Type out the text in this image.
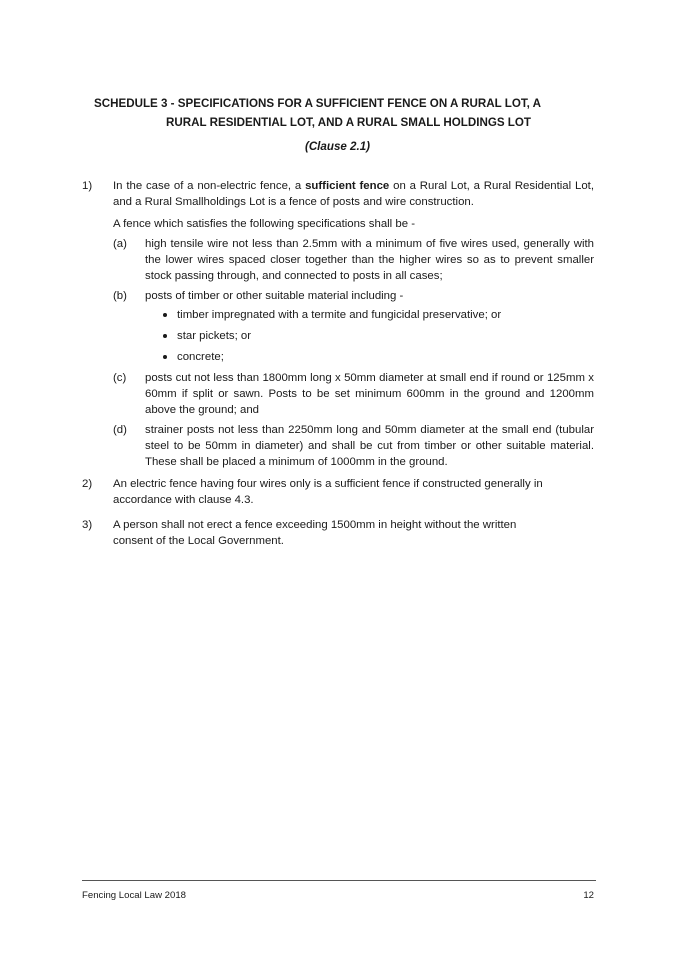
SCHEDULE 3 - SPECIFICATIONS FOR A SUFFICIENT FENCE ON A RURAL LOT, A
RURAL RESIDENTIAL LOT, AND A RURAL SMALL HOLDINGS LOT
(Clause 2.1)
1) In the case of a non-electric fence, a sufficient fence on a Rural Lot, a Rural Residential Lot, and a Rural Smallholdings Lot is a fence of posts and wire construction.

A fence which satisfies the following specifications shall be -

(a) high tensile wire not less than 2.5mm with a minimum of five wires used, generally with the lower wires spaced closer together than the higher wires so as to prevent smaller stock passing through, and connected to posts in all cases;

(b) posts of timber or other suitable material including -

timber impregnated with a termite and fungicidal preservative; or
star pickets; or
concrete;
(c) posts cut not less than 1800mm long x 50mm diameter at small end if round or 125mm x 60mm if split or sawn. Posts to be set minimum 600mm in the ground and 1200mm above the ground; and

(d) strainer posts not less than 2250mm long and 50mm diameter at the small end (tubular steel to be 50mm in diameter) and shall be cut from timber or other suitable material. These shall be placed a minimum of 1000mm in the ground.

2) An electric fence having four wires only is a sufficient fence if constructed generally in accordance with clause 4.3.

3) A person shall not erect a fence exceeding 1500mm in height without the written consent of the Local Government.

Fencing Local Law 2018	12
